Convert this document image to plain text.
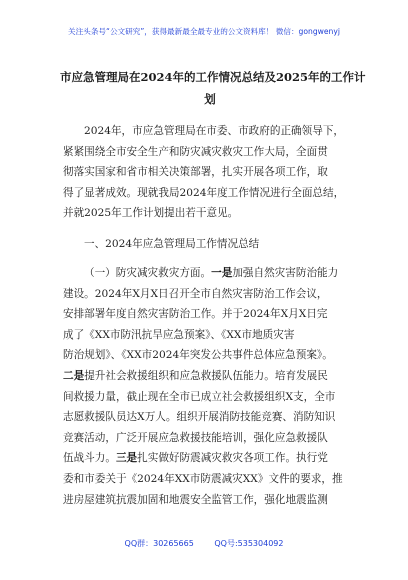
关注头条号“公文研究”，获得最新最全最专业的公文资料库！ 微信：gongwenyj
市应急管理局在2024年的工作情况总结及2025年的工作计
划
2024年，市应急管理局在市委、市政府的正确领导下，
紧紧围绕全市安全生产和防灾减灾救灾工作大局，全面贯
彻落实国家和省市相关决策部署，扎实开展各项工作，取
得了显著成效。现就我局2024年度工作情况进行全面总结，
并就2025年工作计划提出若干意见。
一、2024年应急管理局工作情况总结
（一）防灾减灾救灾方面。一是加强自然灾害防治能力
建设。2024年X月X日召开全市自然灾害防治工作会议，
安排部署年度自然灾害防治工作。并于2024年X月X日完
成了《XX市防汛抗旱应急预案》、《XX市地质灾害
防治规划》、《XX市2024年突发公共事件总体应急预案》。
二是提升社会救援组织和应急救援队伍能力。培育发展民
间救援力量，截止现在全市已成立社会救援组织X支，全市
志愿救援队员达X万人。组织开展消防技能竞赛、消防知识
竞赛活动，广泛开展应急救援技能培训，强化应急救援队
伍战斗力。三是扎实做好防震减灾救灾各项工作。执行党
委和市委关于《2024年XX市防震减灾XX》文件的要求，推
进房屋建筑抗震加固和地震安全监管工作，强化地震监测
QQ群：30265665	QQ号:535304092
